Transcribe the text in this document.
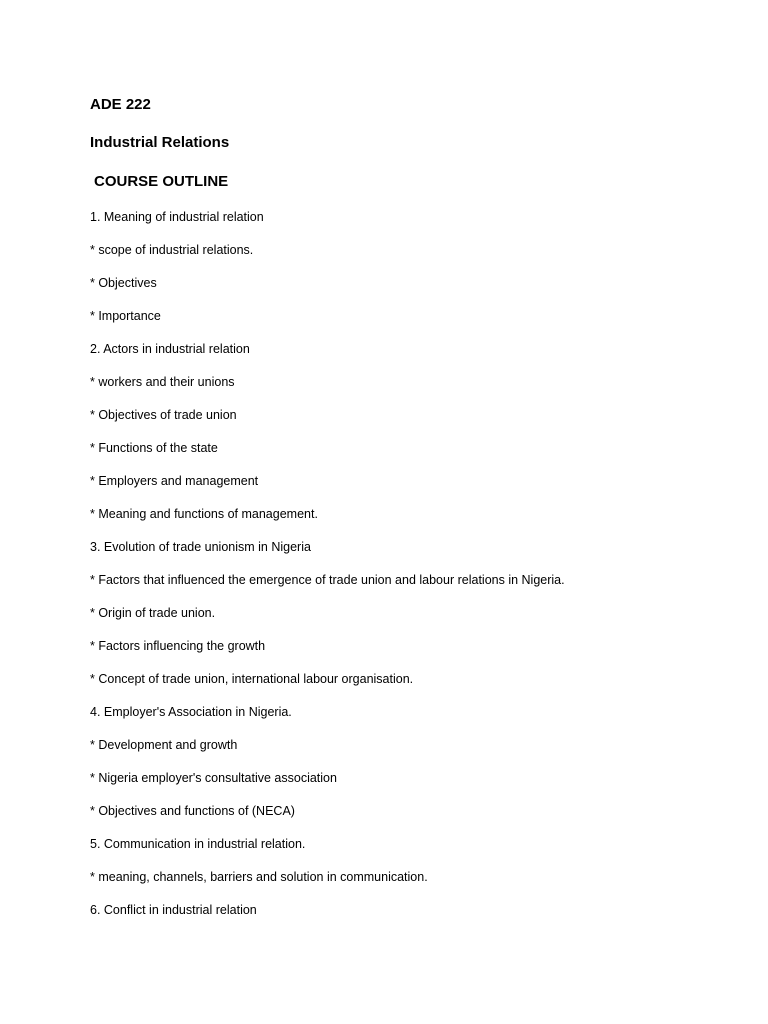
ADE 222
Industrial Relations
COURSE OUTLINE
1. Meaning of industrial relation
* scope of industrial relations.
* Objectives
* Importance
2. Actors in industrial relation
* workers and their unions
* Objectives of trade union
* Functions of the state
* Employers and management
* Meaning and functions of management.
3. Evolution of trade unionism in Nigeria
* Factors that influenced the emergence of trade union and labour relations in Nigeria.
* Origin of trade union.
* Factors influencing the growth
* Concept of trade union, international labour organisation.
4. Employer's Association in Nigeria.
* Development and growth
* Nigeria employer's consultative association
* Objectives and functions of (NECA)
5. Communication in industrial relation.
* meaning, channels, barriers and solution in communication.
6. Conflict in industrial relation
